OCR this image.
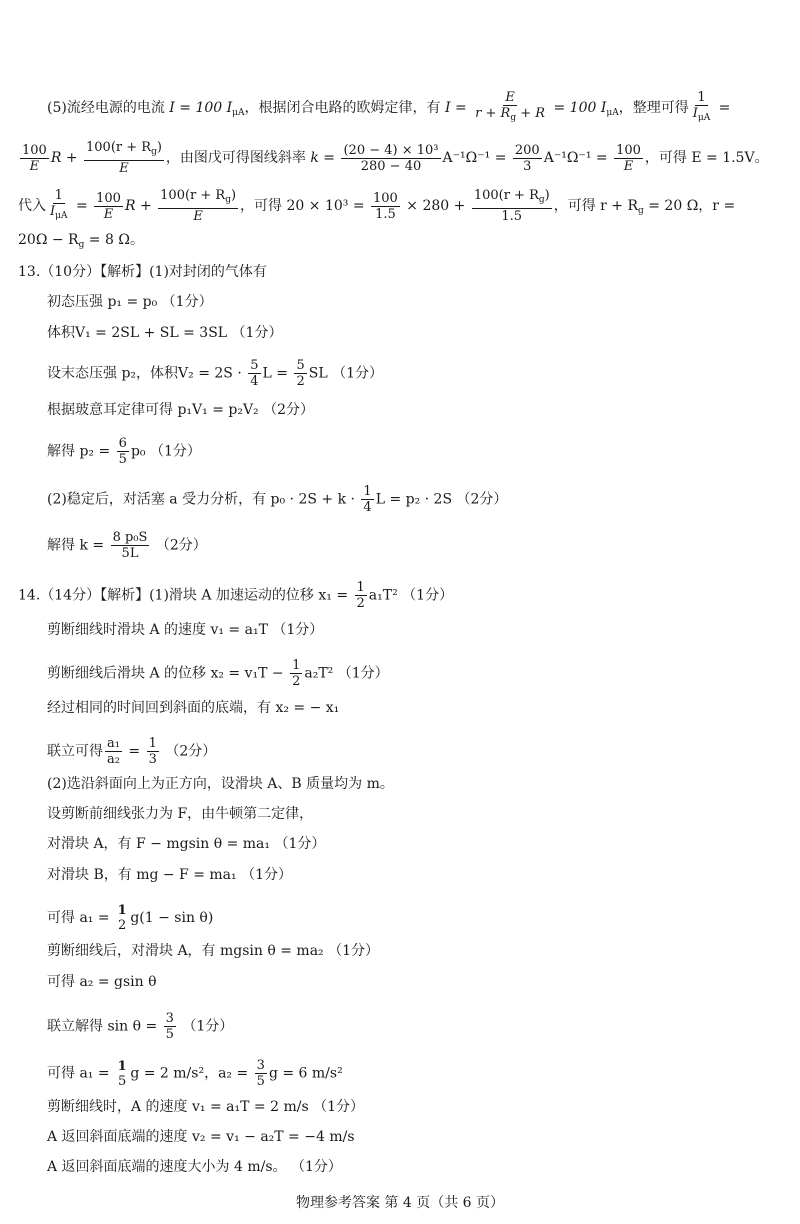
(5)流经电源的电流 I = 100 $I_{\mu A}$，根据闭合电路的欧姆定律，有 $I = \frac{E}{r + R_g + R} = 100$ $I_{\mu A}$，整理可得
1
$I_{\mu A}$
=
$\frac{100}{E}$ $R + \frac{100(r + R_g)}{E}$ ，由图戊可得图线斜率 $k = \frac{\text{(20 − 4) × 10³}}{280 - 40} A^{-1}\Omega^{-1} = \frac{200}{3} A^{-1}\Omega^{-1} = \frac{100}{E}$ ，可得 E = 1.5V。
代入
1
$I_{\mu A}$
= $\frac{100}{E}$ $R + \frac{100(r + R_g)}{E}$ ，可得 $20 \times 10^3 = \frac{100}{1.5} \times 280 + \frac{100(r + R_g)}{1.5}$ ，可得 $r + R_g = 20$ Ω，r =
$20\Omega - R_g = 8$ Ω。
13.（10分）【解析】(1)对封闭的气体有
初态压强 p₁ = p₀ （1分）
体积V₁ = 2SL + SL = 3SL （1分）
设末态压强 p₂，体积$V_2 = 2S \cdot \frac{5}{4}$ $L = \frac{5}{2}$ SL （1分）
根据玻意耳定律可得 p₁V₁ = p₂V₂ （2分）
解得 $p_2 = \frac{6}{5} p_0$ （1分）
(2)稳定后，对活塞 a 受力分析，有 $p_0 \cdot 2S + k \cdot \frac{1}{4}$ L = p₂ · 2S （2分）
解得 $k = \frac{\text{8 p₀S}}{5L} (2$分）
14.（14分）【解析】(1)滑块 A 加速运动的位移 $x_1 = \frac{1}{2} a_1T^2$ （1分）
剪断细线时滑块 A 的速度 v₁ = a₁T （1分）
剪断细线后滑块 A 的位移 $x_2 = v_1T - \frac{1}{2} a_2T^2$ （1分）
经过相同的时间回到斜面的底端，有 x₂ = − x₁
联立可得 $\frac{\text{a₁}}{\text{a₂}} = \frac{1}{3} (2$分）
(2)选沿斜面向上为正方向，设滑块 A、B 质量均为 m。
设剪断前细线张力为 F，由牛顿第二定律，
对滑块 A，有 F − mgsin θ = ma₁ （1分）
对滑块 B，有 mg − F = ma₁ （1分）
可得 a₁ = 1
2 g(1 − sin θ)
剪断细线后，对滑块 A，有 mgsin θ = ma₂ （1分）
可得 a₂ = gsin θ
联立解得 $\sin \theta = \frac{3}{5} (1$分）
可得 a₁ = 1
5 g = 2 m/s²，$a_2 = \frac{3}{5}$ g = 6 m/s²
剪断细线时，A 的速度 v₁ = a₁T = 2 m/s （1分）
A 返回斜面底端的速度 v₂ = v₁ − a₂T = −4 m/s
A 返回斜面底端的速度大小为 4 m/s。 （1分）
物理参考答案 第 4 页（共 6 页）
